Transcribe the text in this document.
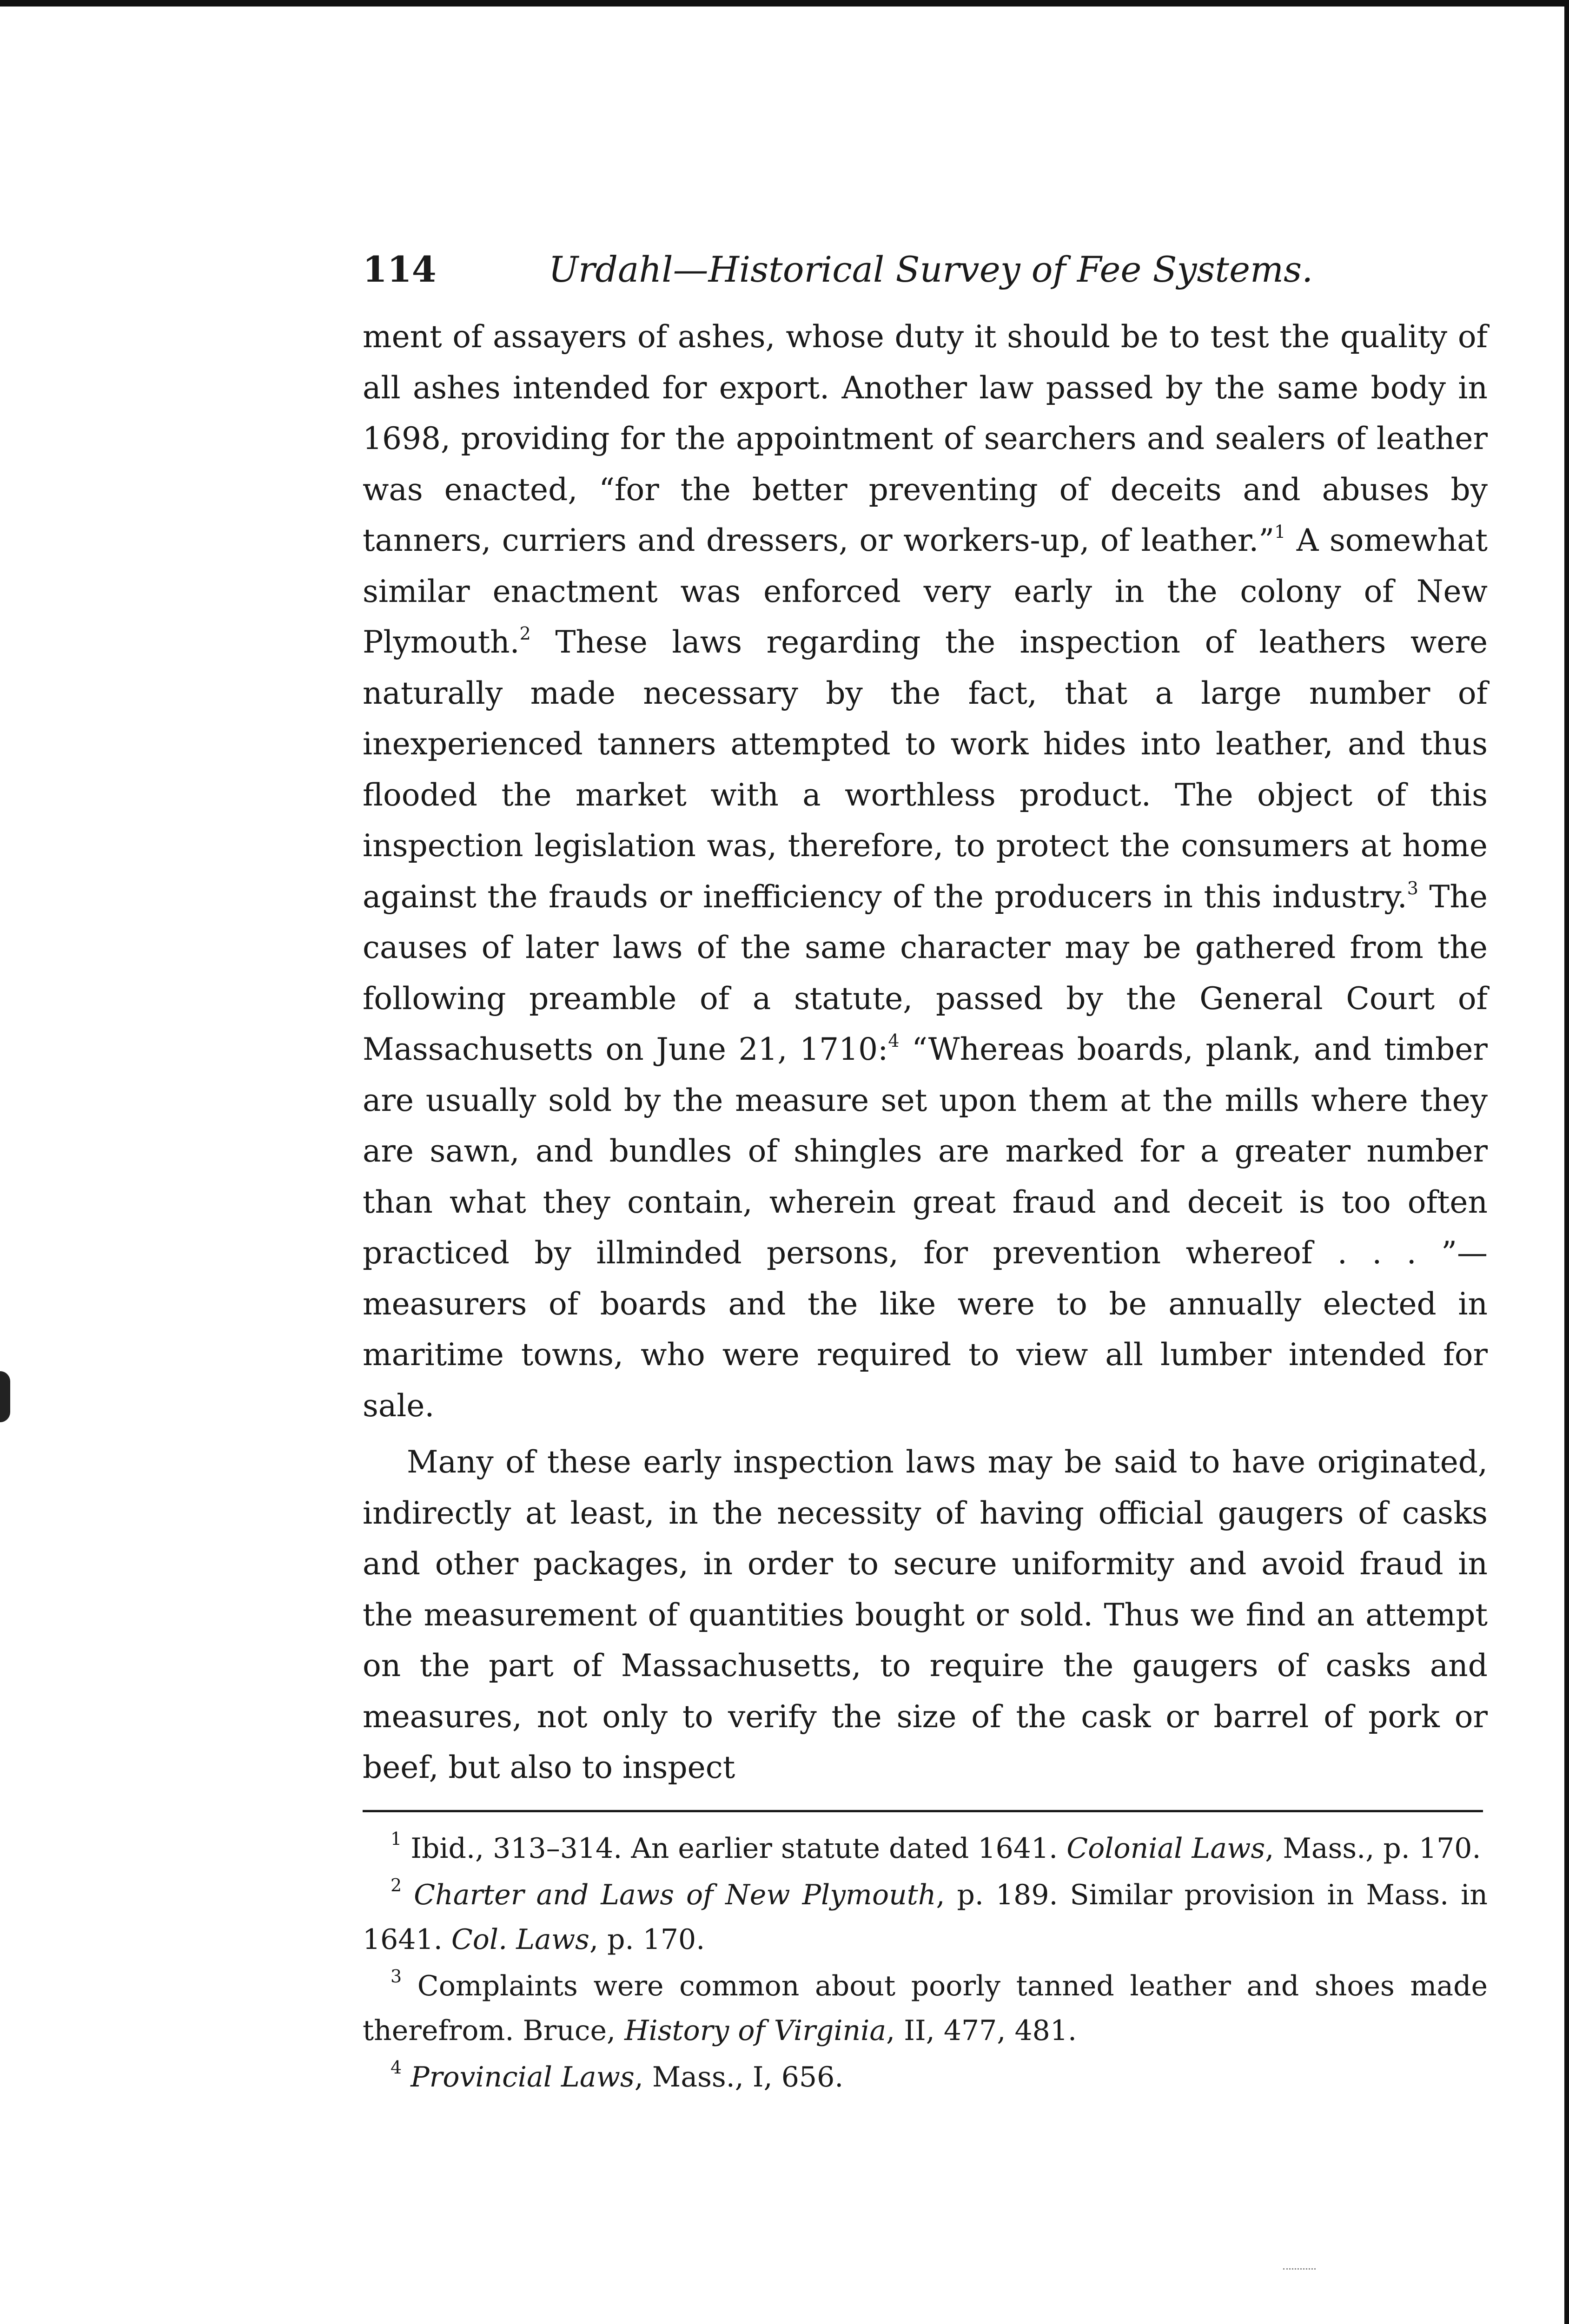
114	Urdahl—Historical Survey of Fee Systems.

ment of assayers of ashes, whose duty it should be to test the quality of all ashes intended for export. Another law passed by the same body in 1698, providing for the appointment of searchers and sealers of leather was enacted, “for the better preventing of deceits and abuses by tanners, curriers and dressers, or workers-up, of leather.”$^1$ A somewhat similar enactment was enforced very early in the colony of New Plymouth.$^2$ These laws regarding the inspection of leathers were naturally made necessary by the fact, that a large number of inexperienced tanners attempted to work hides into leather, and thus flooded the market with a worthless product. The object of this inspection legislation was, therefore, to protect the consumers at home against the frauds or inefficiency of the producers in this industry.$^3$ The causes of later laws of the same character may be gathered from the following preamble of a statute, passed by the General Court of Massachusetts on June 21, 1710:$^4$ “Whereas boards, plank, and timber are usually sold by the measure set upon them at the mills where they are sawn, and bundles of shingles are marked for a greater number than what they contain, wherein great fraud and deceit is too often practiced by illminded persons, for prevention whereof . . . ”— measurers of boards and the like were to be annually elected in maritime towns, who were required to view all lumber intended for sale.

Many of these early inspection laws may be said to have originated, indirectly at least, in the necessity of having official gaugers of casks and other packages, in order to secure uniformity and avoid fraud in the measurement of quantities bought or sold. Thus we find an attempt on the part of Massachusetts, to require the gaugers of casks and measures, not only to verify the size of the cask or barrel of pork or beef, but also to inspect

$^1$ Ibid., 313–314. An earlier statute dated 1641. Colonial Laws, Mass., p. 170.

$^2$ Charter and Laws of New Plymouth, p. 189. Similar provision in Mass. in 1641. Col. Laws, p. 170.

$^3$ Complaints were common about poorly tanned leather and shoes made therefrom. Bruce, History of Virginia, II, 477, 481.

$^4$ Provincial Laws, Mass., I, 656.
